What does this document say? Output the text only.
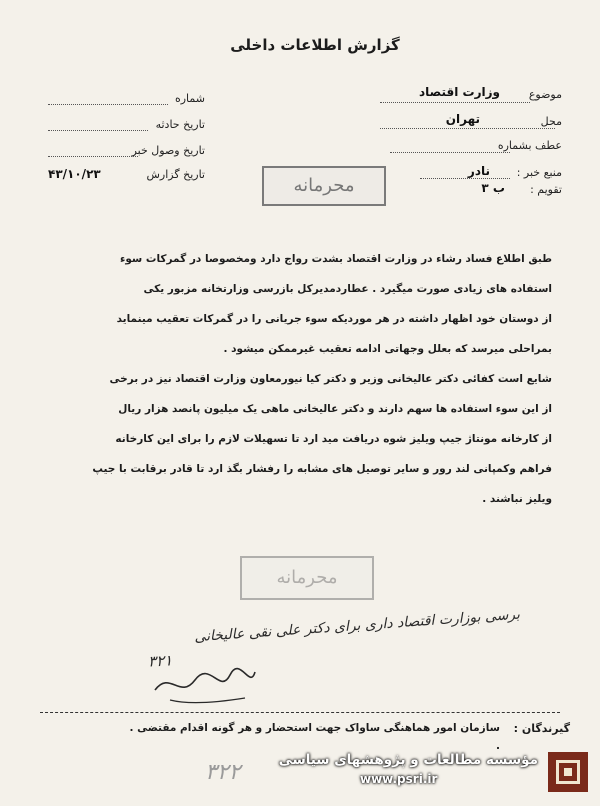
گزارش اطلاعات داخلی
موضوع
وزارت اقتصاد
محل
تهران
عطف بشماره
منبع خبر :
نادر
تقویم :
ب ۳
شماره
تاریخ حادثه
تاریخ وصول خبر
تاریخ گزارش
۴۳/۱۰/۲۳
محرمانه
طبق اطلاع فساد رشاء در وزارت اقتصاد بشدت رواج دارد ومخصوصا در گمرکات سوء
استفاده های زیادی صورت میگیرد . عطاردمدیرکل بازرسی وزارتخانه مزبور یکی
از دوستان خود اظهار داشته در هر موردیکه سوء جریانی را در گمرکات تعقیب مینماید
بمراحلی میرسد که بعلل وجهاتی ادامه تعقیب غیرممکن میشود .
شایع است کفائی دکتر عالیخانی وزیر و دکتر کیا نیورمعاون وزارت اقتصاد نیز در برخی
از این سوء استفاده ها سهم دارند و دکتر عالیخانی ماهی یک میلیون پانصد هزار ریال
از کارخانه مونتاژ جیپ ویلیز شوه دریافت مید ارد تا تسهیلات لازم را برای این کارخانه
فراهم وکمپانی لند رور و سایر توصیل های مشابه را رفشار بگذ ارد تا قادر برقابت با جیپ
ویلیز نباشند .
محرمانه
برسی بوزارت اقتصاد داری برای دکتر علی نقی عالیخانی
۳۲۱
گیرندگان :
سازمان امور هماهنگی ساواک جهت استحضار و هر گونه اقدام مقتضی .
.
۳۲۲	مؤسسه مطالعات و پژوهشهای سیاسی
www.psri.ir
